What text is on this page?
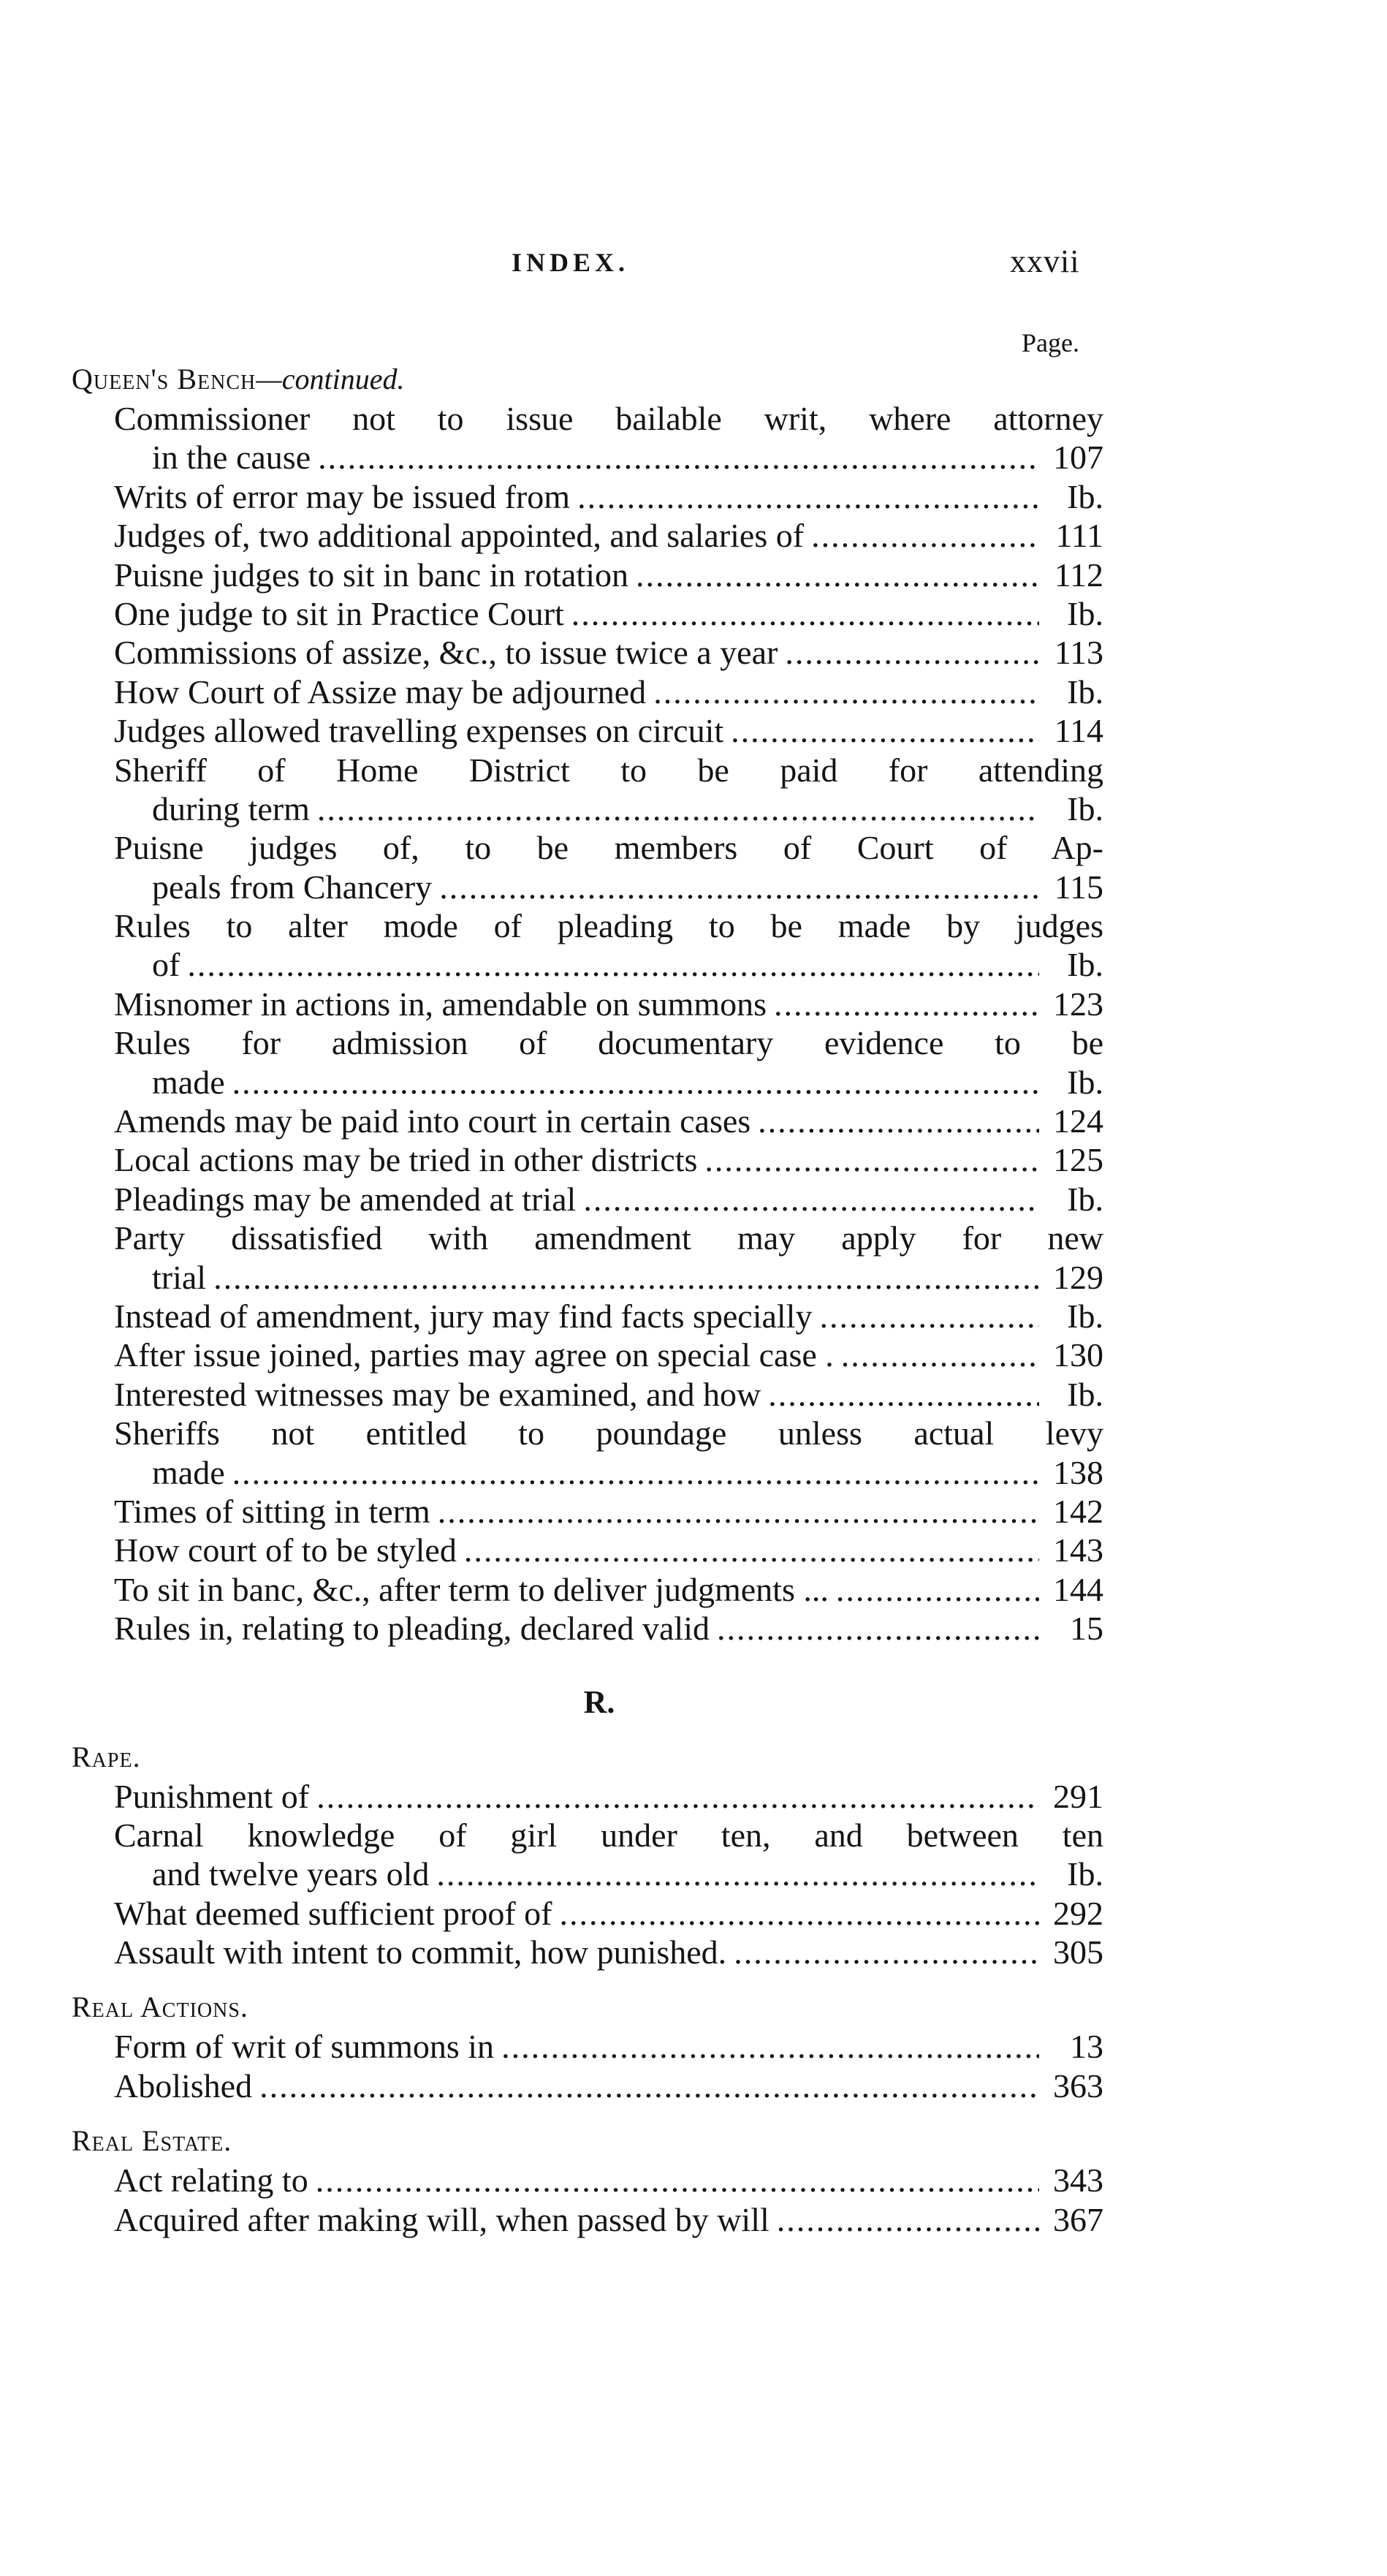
INDEX.	xxvii
Page.
Queen's Bench—continued.
Commissioner not to issue bailable writ, where attorney
in the cause .....	107
Writs of error may be issued from .....	Ib.
Judges of, two additional appointed, and salaries of .....	111
Puisne judges to sit in banc in rotation .....	112
One judge to sit in Practice Court .....	Ib.
Commissions of assize, &c., to issue twice a year .....	113
How Court of Assize may be adjourned .....	Ib.
Judges allowed travelling expenses on circuit .....	114
Sheriff of Home District to be paid for attending
during term .....	Ib.
Puisne judges of, to be members of Court of Ap-
peals from Chancery .....	115
Rules to alter mode of pleading to be made by judges
of .....	Ib.
Misnomer in actions in, amendable on summons .....	123
Rules for admission of documentary evidence to be
made .....	Ib.
Amends may be paid into court in certain cases .....	124
Local actions may be tried in other districts .....	125
Pleadings may be amended at trial .....	Ib.
Party dissatisfied with amendment may apply for new
trial .....	129
Instead of amendment, jury may find facts specially .....	Ib.
After issue joined, parties may agree on special case . .....	130
Interested witnesses may be examined, and how .....	Ib.
Sheriffs not entitled to poundage unless actual levy
made .....	138
Times of sitting in term .....	142
How court of to be styled .....	143
To sit in banc, &c., after term to deliver judgments ... .....	144
Rules in, relating to pleading, declared valid .....	15
R.
Rape.
Punishment of .....	291
Carnal knowledge of girl under ten, and between ten
and twelve years old .....	Ib.
What deemed sufficient proof of .....	292
Assault with intent to commit, how punished. .....	305
Real Actions.
Form of writ of summons in .....	13
Abolished .....	363
Real Estate.
Act relating to .....	343
Acquired after making will, when passed by will .....	367
